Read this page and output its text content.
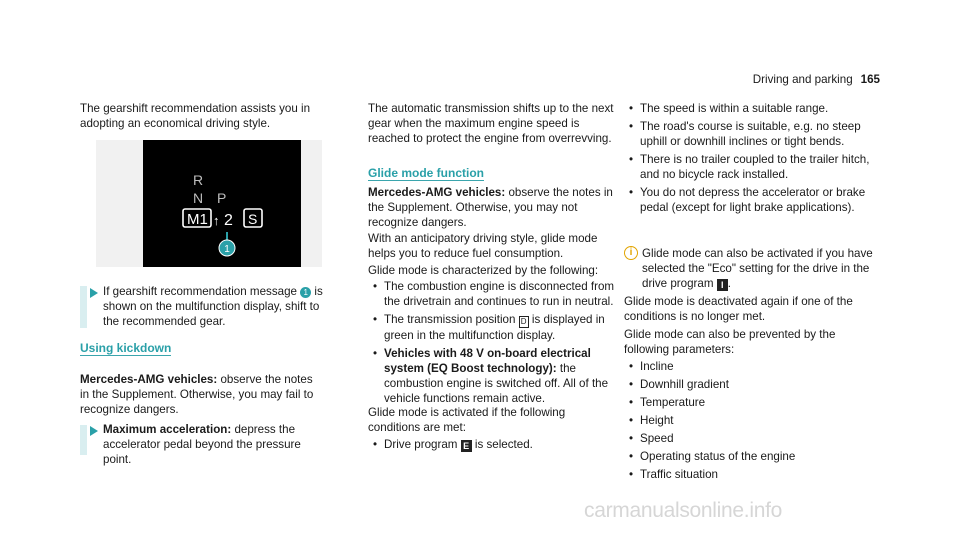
Driving and parking 165

The gearshift recommendation assists you in adopting an economical driving style.

R
N P
M1 ↑ 2 S
1

If gearshift recommendation message 1 is shown on the multifunction display, shift to the recommended gear.

Using kickdown

Mercedes-AMG vehicles: observe the notes in the Supplement. Otherwise, you may fail to recognize dangers.

Maximum acceleration: depress the accelerator pedal beyond the pressure point.

The automatic transmission shifts up to the next gear when the maximum engine speed is reached to protect the engine from overrevving.

Glide mode function

Mercedes-AMG vehicles: observe the notes in the Supplement. Otherwise, you may not recognize dangers.

With an anticipatory driving style, glide mode helps you to reduce fuel consumption.

Glide mode is characterized by the following:

• The combustion engine is disconnected from the drivetrain and continues to run in neutral.
• The transmission position D is displayed in green in the multifunction display.
• Vehicles with 48 V on-board electrical system (EQ Boost technology): the combustion engine is switched off. All of the vehicle functions remain active.

Glide mode is activated if the following conditions are met:

• Drive program E is selected.
• The speed is within a suitable range.
• The road's course is suitable, e.g. no steep uphill or downhill inclines or tight bends.
• There is no trailer coupled to the trailer hitch, and no bicycle rack installed.
• You do not depress the accelerator or brake pedal (except for light brake applications).

i Glide mode can also be activated if you have selected the "Eco" setting for the drive in the drive program I .

Glide mode is deactivated again if one of the conditions is no longer met.

Glide mode can also be prevented by the following parameters:

• Incline
• Downhill gradient
• Temperature
• Height
• Speed
• Operating status of the engine
• Traffic situation
carmanualsonline.info
